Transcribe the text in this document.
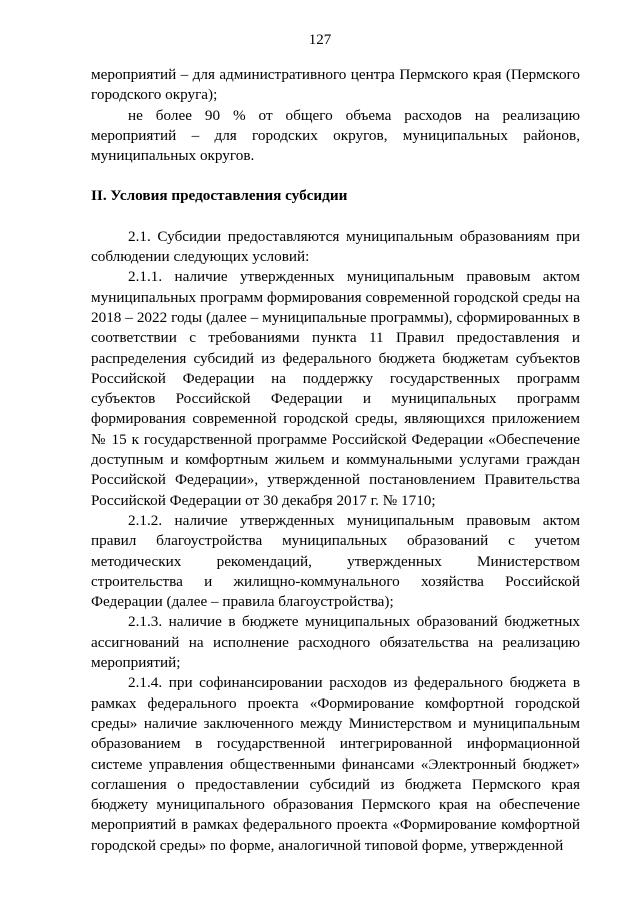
127

мероприятий – для административного центра Пермского края (Пермского городского округа);

не более 90 % от общего объема расходов на реализацию мероприятий – для городских округов, муниципальных районов, муниципальных округов.

II. Условия предоставления субсидии

2.1. Субсидии предоставляются муниципальным образованиям при соблюдении следующих условий:

2.1.1. наличие утвержденных муниципальным правовым актом муниципальных программ формирования современной городской среды на 2018 – 2022 годы (далее – муниципальные программы), сформированных в соответствии с требованиями пункта 11 Правил предоставления и распределения субсидий из федерального бюджета бюджетам субъектов Российской Федерации на поддержку государственных программ субъектов Российской Федерации и муниципальных программ формирования современной городской среды, являющихся приложением № 15 к государственной программе Российской Федерации «Обеспечение доступным и комфортным жильем и коммунальными услугами граждан Российской Федерации», утвержденной постановлением Правительства Российской Федерации от 30 декабря 2017 г. № 1710;

2.1.2. наличие утвержденных муниципальным правовым актом правил благоустройства муниципальных образований с учетом методических рекомендаций, утвержденных Министерством строительства и жилищно-коммунального хозяйства Российской Федерации (далее – правила благоустройства);

2.1.3. наличие в бюджете муниципальных образований бюджетных ассигнований на исполнение расходного обязательства на реализацию мероприятий;

2.1.4. при софинансировании расходов из федерального бюджета в рамках федерального проекта «Формирование комфортной городской среды» наличие заключенного между Министерством и муниципальным образованием в государственной интегрированной информационной системе управления общественными финансами «Электронный бюджет» соглашения о предоставлении субсидий из бюджета Пермского края бюджету муниципального образования Пермского края на обеспечение мероприятий в рамках федерального проекта «Формирование комфортной городской среды» по форме, аналогичной типовой форме, утвержденной
